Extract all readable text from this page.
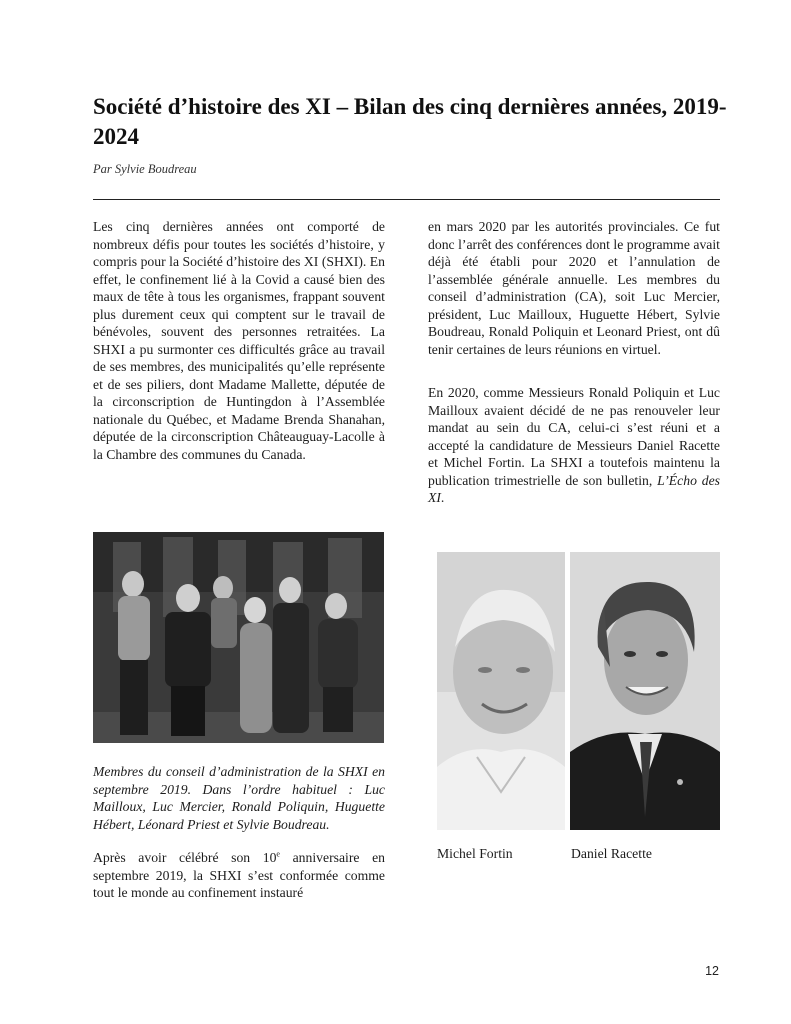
Société d’histoire des XI – Bilan des cinq dernières années, 2019-2024

Par Sylvie Boudreau

Les cinq dernières années ont comporté de nombreux défis pour toutes les sociétés d’histoire, y compris pour la Société d’histoire des XI (SHXI). En effet, le confinement lié à la Covid a causé bien des maux de tête à tous les organismes, frappant souvent plus durement ceux qui comptent sur le travail de bénévoles, souvent des personnes retraitées. La SHXI a pu surmonter ces difficultés grâce au travail de ses membres, des municipalités qu’elle représente et de ses piliers, dont Madame Mallette, députée de la circonscription de Huntingdon à l’Assemblée nationale du Québec, et Madame Brenda Shanahan, députée de la circonscription Châteauguay-Lacolle à la Chambre des communes du Canada.

Membres du conseil d’administration de la SHXI en septembre 2019. Dans l’ordre habituel : Luc Mailloux, Luc Mercier, Ronald Poliquin, Huguette Hébert, Léonard Priest et Sylvie Boudreau.

Après avoir célébré son 10e anniversaire en septembre 2019, la SHXI s’est conformée comme tout le monde au confinement instauré

en mars 2020 par les autorités provinciales. Ce fut donc l’arrêt des conférences dont le programme avait déjà été établi pour 2020 et l’annulation de l’assemblée générale annuelle. Les membres du conseil d’administration (CA), soit Luc Mercier, président, Luc Mailloux, Huguette Hébert, Sylvie Boudreau, Ronald Poliquin et Leonard Priest, ont dû tenir certaines de leurs réunions en virtuel.

En 2020, comme Messieurs Ronald Poliquin et Luc Mailloux avaient décidé de ne pas renouveler leur mandat au sein du CA, celui-ci s’est réuni et a accepté la candidature de Messieurs Daniel Racette et Michel Fortin. La SHXI a toutefois maintenu la publication trimestrielle de son bulletin, L’Écho des XI.

Michel Fortin	Daniel Racette

12
